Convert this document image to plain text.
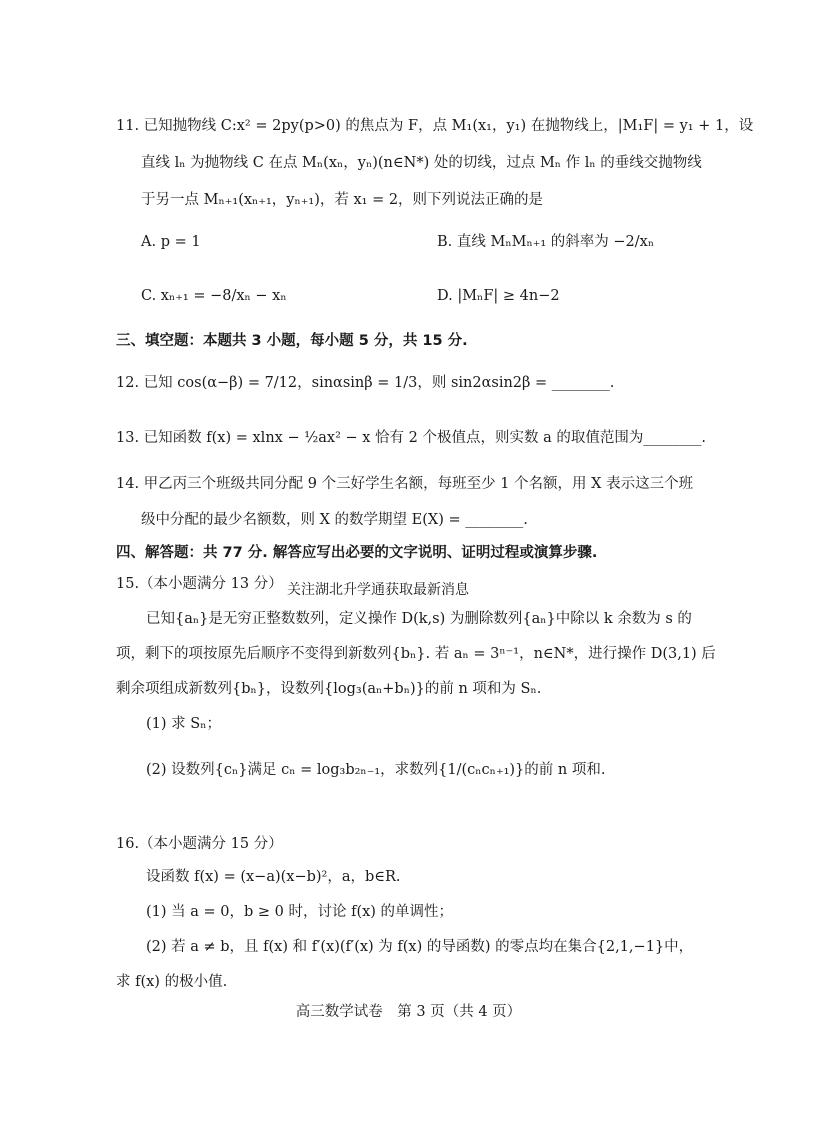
11. 已知抛物线 C:x² = 2py(p>0) 的焦点为 F，点 M₁(x₁，y₁) 在抛物线上，|M₁F| = y₁ + 1，设
直线 lₙ 为抛物线 C 在点 Mₙ(xₙ，yₙ)(n∈N*) 处的切线，过点 Mₙ 作 lₙ 的垂线交抛物线
于另一点 Mₙ₊₁(xₙ₊₁，yₙ₊₁)，若 x₁ = 2，则下列说法正确的是
A. p = 1	B. 直线 MₙMₙ₊₁ 的斜率为 −2/xₙ
C. xₙ₊₁ = −8/xₙ − xₙ	D. |MₙF| ≥ 4n−2
三、填空题：本题共 3 小题，每小题 5 分，共 15 分.
12. 已知 cos(α−β) = 7/12，sinαsinβ = 1/3，则 sin2αsin2β = ________.
13. 已知函数 f(x) = xlnx − ½ax² − x 恰有 2 个极值点，则实数 a 的取值范围为________.
14. 甲乙丙三个班级共同分配 9 个三好学生名额，每班至少 1 个名额，用 X 表示这三个班
级中分配的最少名额数，则 X 的数学期望 E(X) = ________.
四、解答题：共 77 分. 解答应写出必要的文字说明、证明过程或演算步骤.
15.（本小题满分 13 分） 关注湖北升学通获取最新消息
已知{aₙ}是无穷正整数数列，定义操作 D(k,s) 为删除数列{aₙ}中除以 k 余数为 s 的
项，剩下的项按原先后顺序不变得到新数列{bₙ}. 若 aₙ = 3ⁿ⁻¹，n∈N*，进行操作 D(3,1) 后
剩余项组成新数列{bₙ}，设数列{log₃(aₙ+bₙ)}的前 n 项和为 Sₙ.
(1) 求 Sₙ；
(2) 设数列{cₙ}满足 cₙ = log₃b₂ₙ₋₁，求数列{1/(cₙcₙ₊₁)}的前 n 项和.
16.（本小题满分 15 分）
设函数 f(x) = (x−a)(x−b)²，a，b∈R.
(1) 当 a = 0，b ≥ 0 时，讨论 f(x) 的单调性；
(2) 若 a ≠ b，且 f(x) 和 f′(x)(f′(x) 为 f(x) 的导函数) 的零点均在集合{2,1,−1}中，
求 f(x) 的极小值.
高三数学试卷　第 3 页（共 4 页）
